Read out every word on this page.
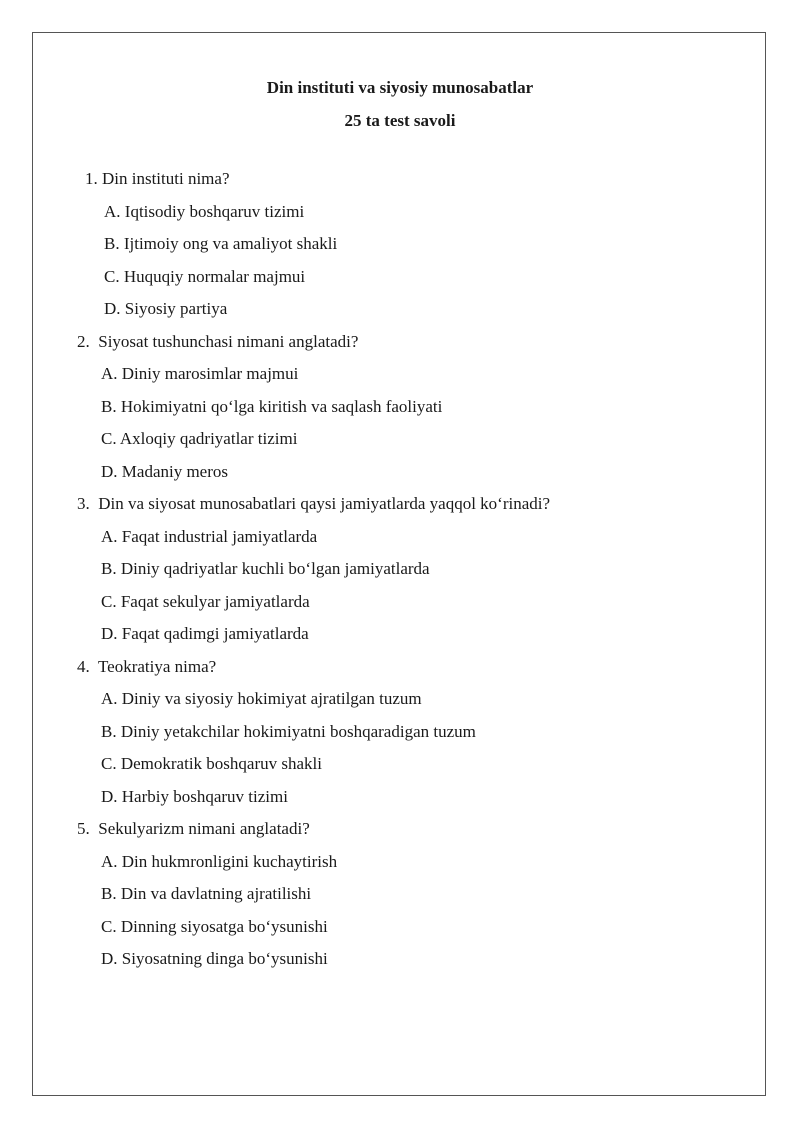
Din instituti va siyosiy munosabatlar
25 ta test savoli
1. Din instituti nima?
A. Iqtisodiy boshqaruv tizimi
B. Ijtimoiy ong va amaliyot shakli
C. Huquqiy normalar majmui
D. Siyosiy partiya
2. Siyosat tushunchasi nimani anglatadi?
A. Diniy marosimlar majmui
B. Hokimiyatni qo‘lga kiritish va saqlash faoliyati
C. Axloqiy qadriyatlar tizimi
D. Madaniy meros
3. Din va siyosat munosabatlari qaysi jamiyatlarda yaqqol ko‘rinadi?
A. Faqat industrial jamiyatlarda
B. Diniy qadriyatlar kuchli bo‘lgan jamiyatlarda
C. Faqat sekulyar jamiyatlarda
D. Faqat qadimgi jamiyatlarda
4. Teokratiya nima?
A. Diniy va siyosiy hokimiyat ajratilgan tuzum
B. Diniy yetakchilar hokimiyatni boshqaradigan tuzum
C. Demokratik boshqaruv shakli
D. Harbiy boshqaruv tizimi
5. Sekulyarizm nimani anglatadi?
A. Din hukmronligini kuchaytirish
B. Din va davlatning ajratilishi
C. Dinning siyosatga bo‘ysunishi
D. Siyosatning dinga bo‘ysunishi
